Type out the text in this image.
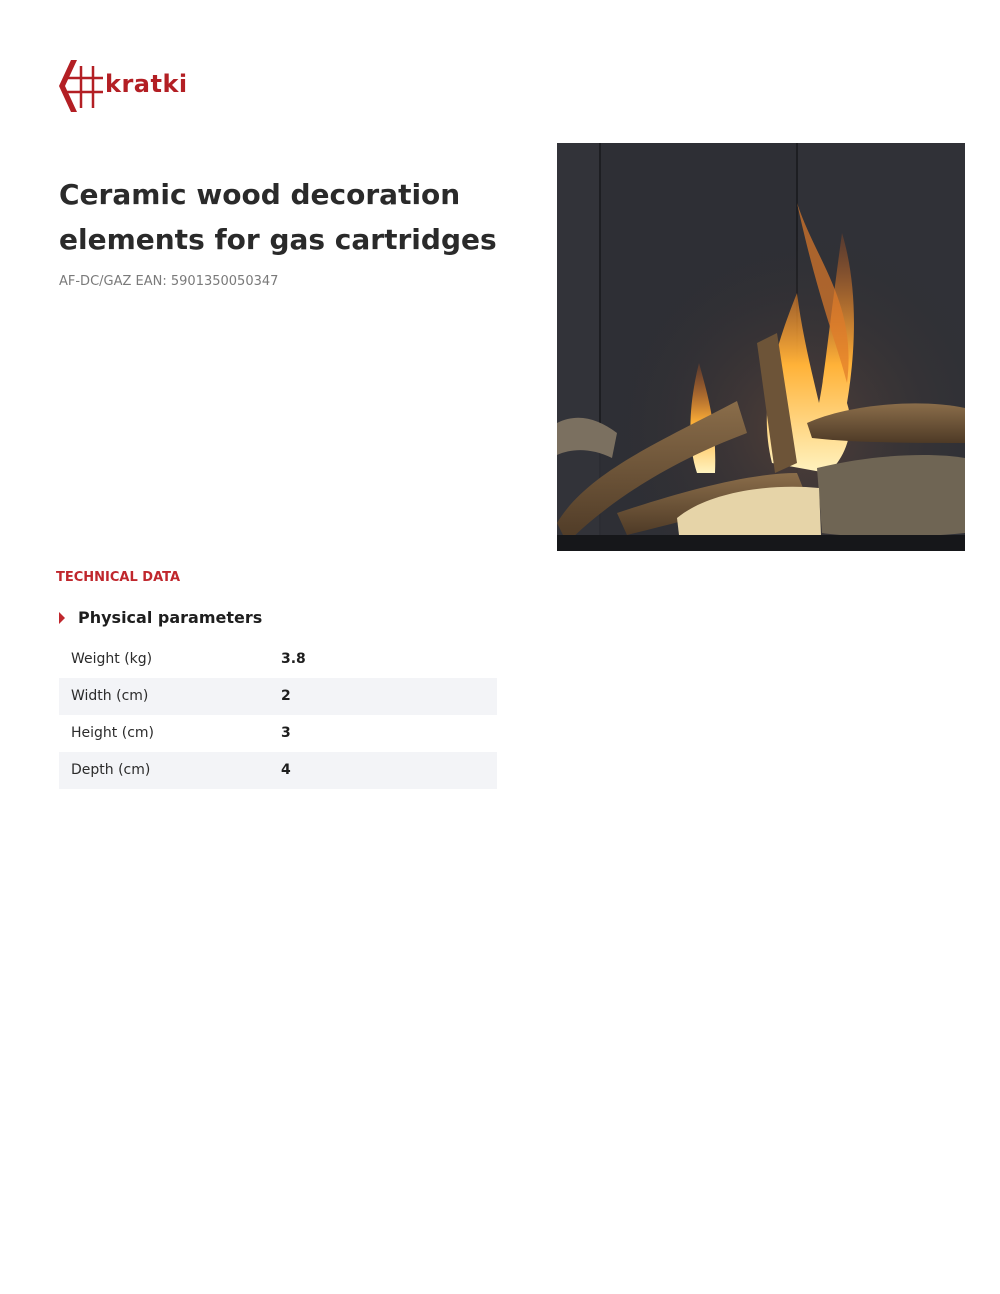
kratki
Ceramic wood decoration elements for gas cartridges
AF-DC/GAZ EAN: 5901350050347
TECHNICAL DATA
Physical parameters
Weight (kg)	3.8
Width (cm)	2
Height (cm)	3
Depth (cm)	4
